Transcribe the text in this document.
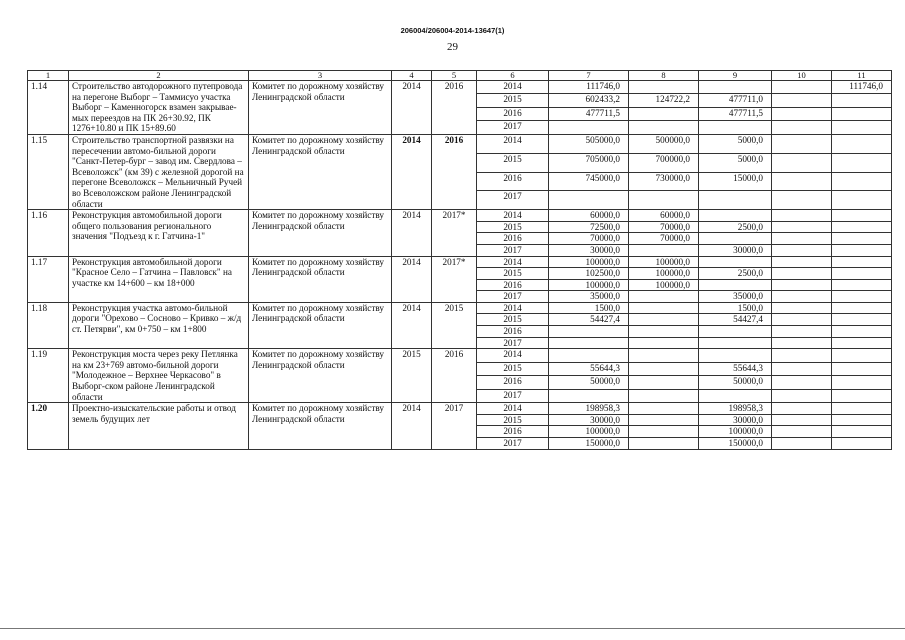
206004/206004-2014-13647(1)
29
1	2	3	4	5	6	7	8	9	10	11
1.14	Строительство автодорожного путепровода на перегоне Выборг – Таммисуо участка Выборг – Каменногорск взамен закрывае-мых переездов на ПК 26+30.92, ПК 1276+10.80 и ПК 15+89.60	Комитет по дорожному хозяйству Ленинградской области	2014	2016	2014	111746,0				111746,0
					2015	602433,2	124722,2	477711,0		
					2016	477711,5		477711,5		
					2017					
1.15	Строительство транспортной развязки на пересечении автомо-бильной дороги "Санкт-Петер-бург – завод им. Свердлова – Всеволожск" (км 39) с железной дорогой на перегоне Всеволожск – Мельничный Ручей во Всеволожском районе Ленинградской области	Комитет по дорожному хозяйству Ленинградской области	2014	2016	2014	505000,0	500000,0	5000,0		
					2015	705000,0	700000,0	5000,0		
					2016	745000,0	730000,0	15000,0		
					2017					
1.16	Реконструкция автомобильной дороги общего пользования регионального значения "Подъезд к г. Гатчина-1"	Комитет по дорожному хозяйству Ленинградской области	2014	2017*	2014	60000,0	60000,0			
					2015	72500,0	70000,0	2500,0		
					2016	70000,0	70000,0			
					2017	30000,0		30000,0		
1.17	Реконструкция автомобильной дороги "Красное Село – Гатчина – Павловск" на участке км 14+600 – км 18+000	Комитет по дорожному хозяйству Ленинградской области	2014	2017*	2014	100000,0	100000,0			
					2015	102500,0	100000,0	2500,0		
					2016	100000,0	100000,0			
					2017	35000,0		35000,0		
1.18	Реконструкция участка автомо-бильной дороги "Орехово – Сосново – Кривко – ж/д ст. Петярви", км 0+750 – км 1+800	Комитет по дорожному хозяйству Ленинградской области	2014	2015	2014	1500,0		1500,0		
					2015	54427,4		54427,4		
					2016					
					2017					
1.19	Реконструкция моста через реку Петлянка на км 23+769 автомо-бильной дороги "Молодежное – Верхнее Черкасово" в Выборг-ском районе Ленинградской области	Комитет по дорожному хозяйству Ленинградской области	2015	2016	2014					
					2015	55644,3		55644,3		
					2016	50000,0		50000,0		
					2017					
1.20	Проектно-изыскательские работы и отвод земель будущих лет	Комитет по дорожному хозяйству Ленинградской области	2014	2017	2014	198958,3		198958,3		
					2015	30000,0		30000,0		
					2016	100000,0		100000,0		
					2017	150000,0		150000,0		
